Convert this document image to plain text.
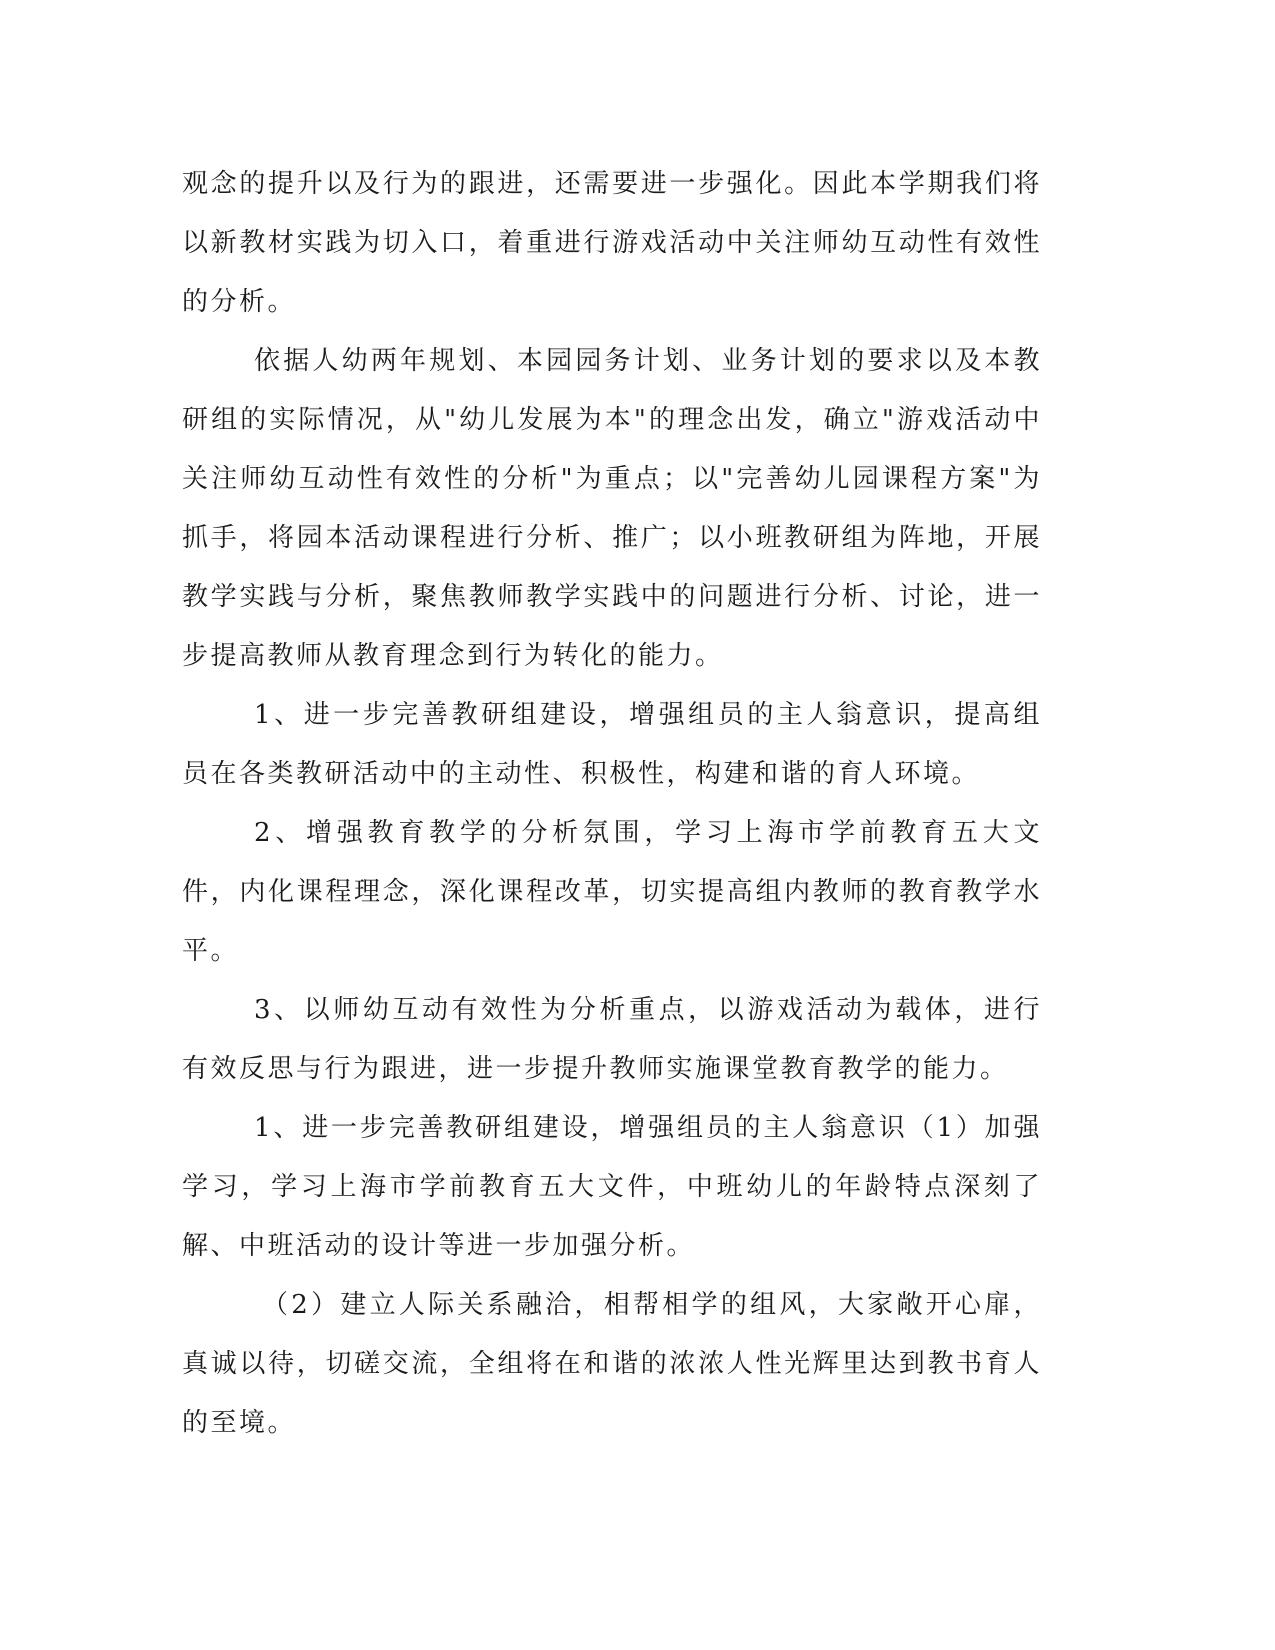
观念的提升以及行为的跟进，还需要进一步强化。因此本学期我们将以新教材实践为切入口，着重进行游戏活动中关注师幼互动性有效性的分析。

依据人幼两年规划、本园园务计划、业务计划的要求以及本教研组的实际情况，从"幼儿发展为本"的理念出发，确立"游戏活动中关注师幼互动性有效性的分析"为重点；以"完善幼儿园课程方案"为抓手，将园本活动课程进行分析、推广；以小班教研组为阵地，开展教学实践与分析，聚焦教师教学实践中的问题进行分析、讨论，进一步提高教师从教育理念到行为转化的能力。

1、进一步完善教研组建设，增强组员的主人翁意识，提高组员在各类教研活动中的主动性、积极性，构建和谐的育人环境。

2、增强教育教学的分析氛围，学习上海市学前教育五大文件，内化课程理念，深化课程改革，切实提高组内教师的教育教学水平。

3、以师幼互动有效性为分析重点，以游戏活动为载体，进行有效反思与行为跟进，进一步提升教师实施课堂教育教学的能力。

1、进一步完善教研组建设，增强组员的主人翁意识（1）加强学习，学习上海市学前教育五大文件，中班幼儿的年龄特点深刻了解、中班活动的设计等进一步加强分析。

（2）建立人际关系融洽，相帮相学的组风，大家敞开心扉，真诚以待，切磋交流，全组将在和谐的浓浓人性光辉里达到教书育人的至境。
